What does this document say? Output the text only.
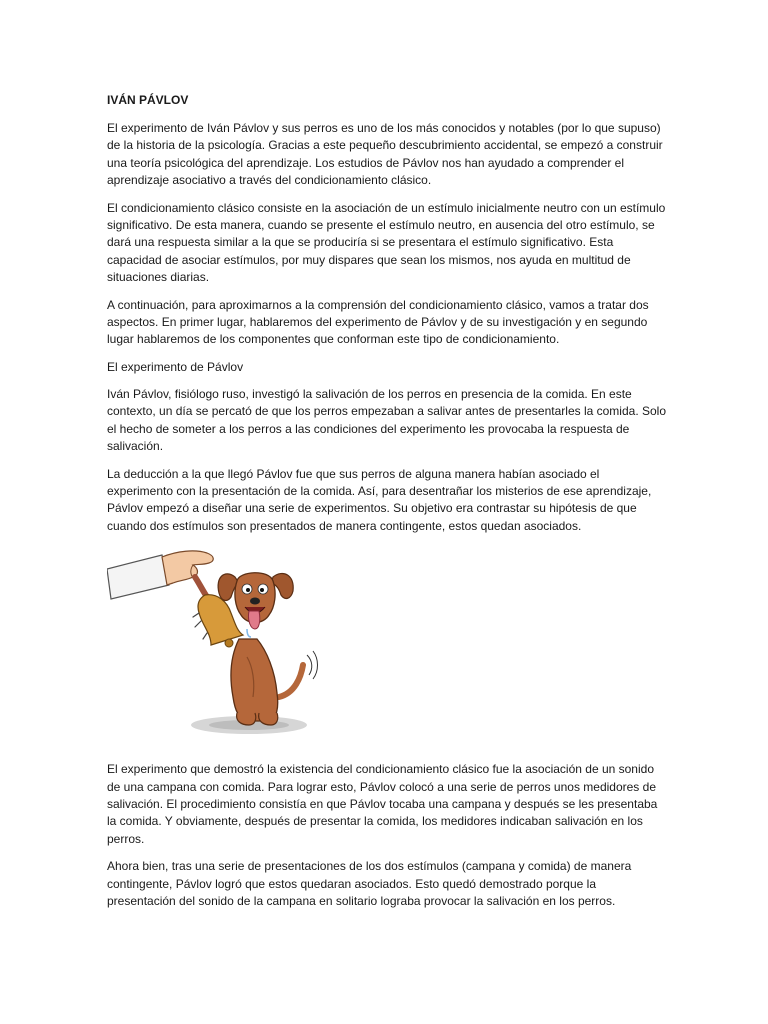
IVÁN PÁVLOV

El experimento de Iván Pávlov y sus perros es uno de los más conocidos y notables (por lo que supuso) de la historia de la psicología. Gracias a este pequeño descubrimiento accidental, se empezó a construir una teoría psicológica del aprendizaje. Los estudios de Pávlov nos han ayudado a comprender el aprendizaje asociativo a través del condicionamiento clásico.

El condicionamiento clásico consiste en la asociación de un estímulo inicialmente neutro con un estímulo significativo. De esta manera, cuando se presente el estímulo neutro, en ausencia del otro estímulo, se dará una respuesta similar a la que se produciría si se presentara el estímulo significativo. Esta capacidad de asociar estímulos, por muy dispares que sean los mismos, nos ayuda en multitud de situaciones diarias.

A continuación, para aproximarnos a la comprensión del condicionamiento clásico, vamos a tratar dos aspectos. En primer lugar, hablaremos del experimento de Pávlov y de su investigación y en segundo lugar hablaremos de los componentes que conforman este tipo de condicionamiento.

El experimento de Pávlov

Iván Pávlov, fisiólogo ruso, investigó la salivación de los perros en presencia de la comida. En este contexto, un día se percató de que los perros empezaban a salivar antes de presentarles la comida. Solo el hecho de someter a los perros a las condiciones del experimento les provocaba la respuesta de salivación.

La deducción a la que llegó Pávlov fue que sus perros de alguna manera habían asociado el experimento con la presentación de la comida. Así, para desentrañar los misterios de ese aprendizaje, Pávlov empezó a diseñar una serie de experimentos. Su objetivo era contrastar su hipótesis de que cuando dos estímulos son presentados de manera contingente, estos quedan asociados.

El experimento que demostró la existencia del condicionamiento clásico fue la asociación de un sonido de una campana con comida. Para lograr esto, Pávlov colocó a una serie de perros unos medidores de salivación. El procedimiento consistía en que Pávlov tocaba una campana y después se les presentaba la comida. Y obviamente, después de presentar la comida, los medidores indicaban salivación en los perros.

Ahora bien, tras una serie de presentaciones de los dos estímulos (campana y comida) de manera contingente, Pávlov logró que estos quedaran asociados. Esto quedó demostrado porque la presentación del sonido de la campana en solitario lograba provocar la salivación en los perros.
